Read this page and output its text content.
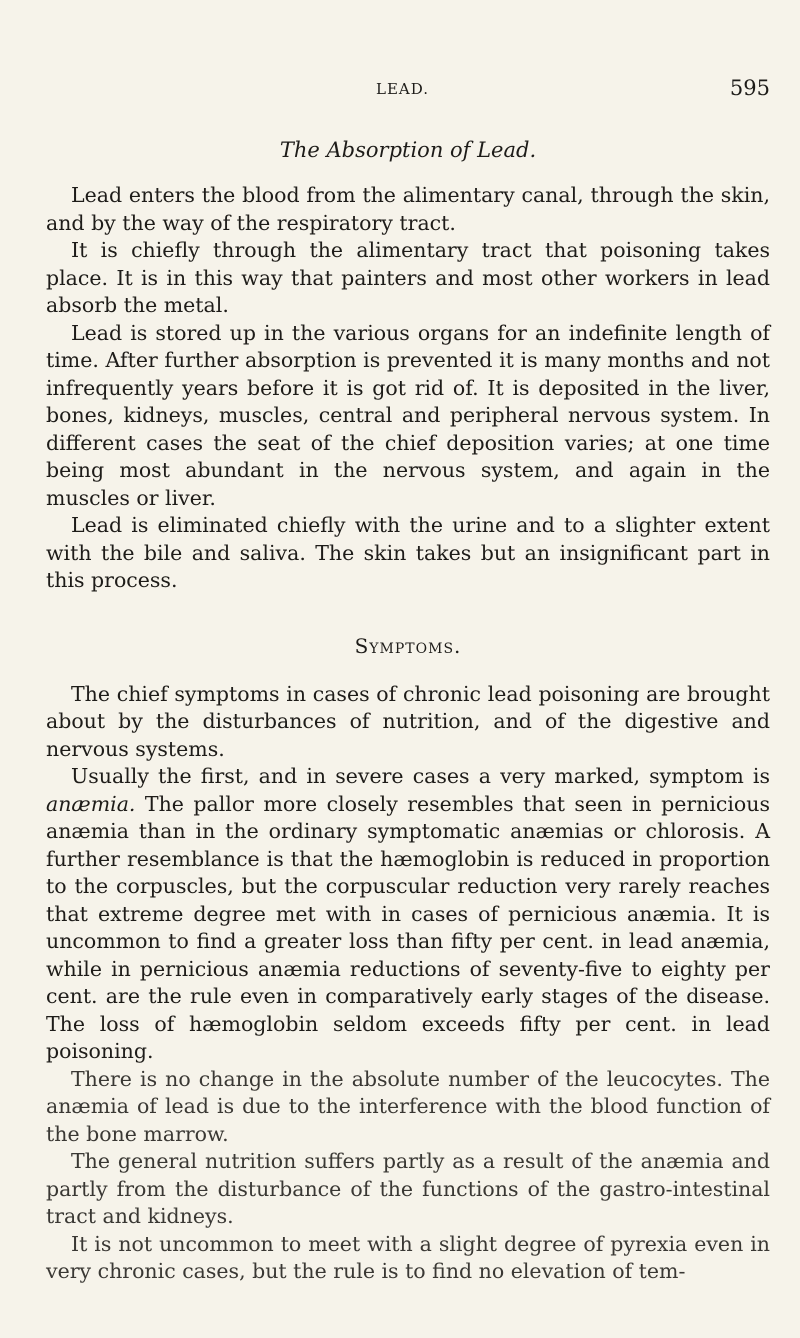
LEAD.	595
The Absorption of Lead.

Lead enters the blood from the alimentary canal, through the skin, and by the way of the respiratory tract.

It is chiefly through the alimentary tract that poisoning takes place. It is in this way that painters and most other workers in lead absorb the metal.

Lead is stored up in the various organs for an indefinite length of time. After further absorption is prevented it is many months and not infrequently years before it is got rid of. It is deposited in the liver, bones, kidneys, muscles, central and peripheral nervous system. In different cases the seat of the chief deposition varies; at one time being most abundant in the nervous system, and again in the muscles or liver.

Lead is eliminated chiefly with the urine and to a slighter extent with the bile and saliva. The skin takes but an insignificant part in this process.

Symptoms.

The chief symptoms in cases of chronic lead poisoning are brought about by the disturbances of nutrition, and of the digestive and nervous systems.

Usually the first, and in severe cases a very marked, symptom is anæmia. The pallor more closely resembles that seen in pernicious anæmia than in the ordinary symptomatic anæmias or chlorosis. A further resemblance is that the hæmoglobin is reduced in proportion to the corpuscles, but the corpuscular reduction very rarely reaches that extreme degree met with in cases of pernicious anæmia. It is uncommon to find a greater loss than fifty per cent. in lead anæmia, while in pernicious anæmia reductions of seventy-five to eighty per cent. are the rule even in comparatively early stages of the disease. The loss of hæmoglobin seldom exceeds fifty per cent. in lead poisoning.

There is no change in the absolute number of the leucocytes. The anæmia of lead is due to the interference with the blood function of the bone marrow.

The general nutrition suffers partly as a result of the anæmia and partly from the disturbance of the functions of the gastro-intestinal tract and kidneys.

It is not uncommon to meet with a slight degree of pyrexia even in very chronic cases, but the rule is to find no elevation of tem-
